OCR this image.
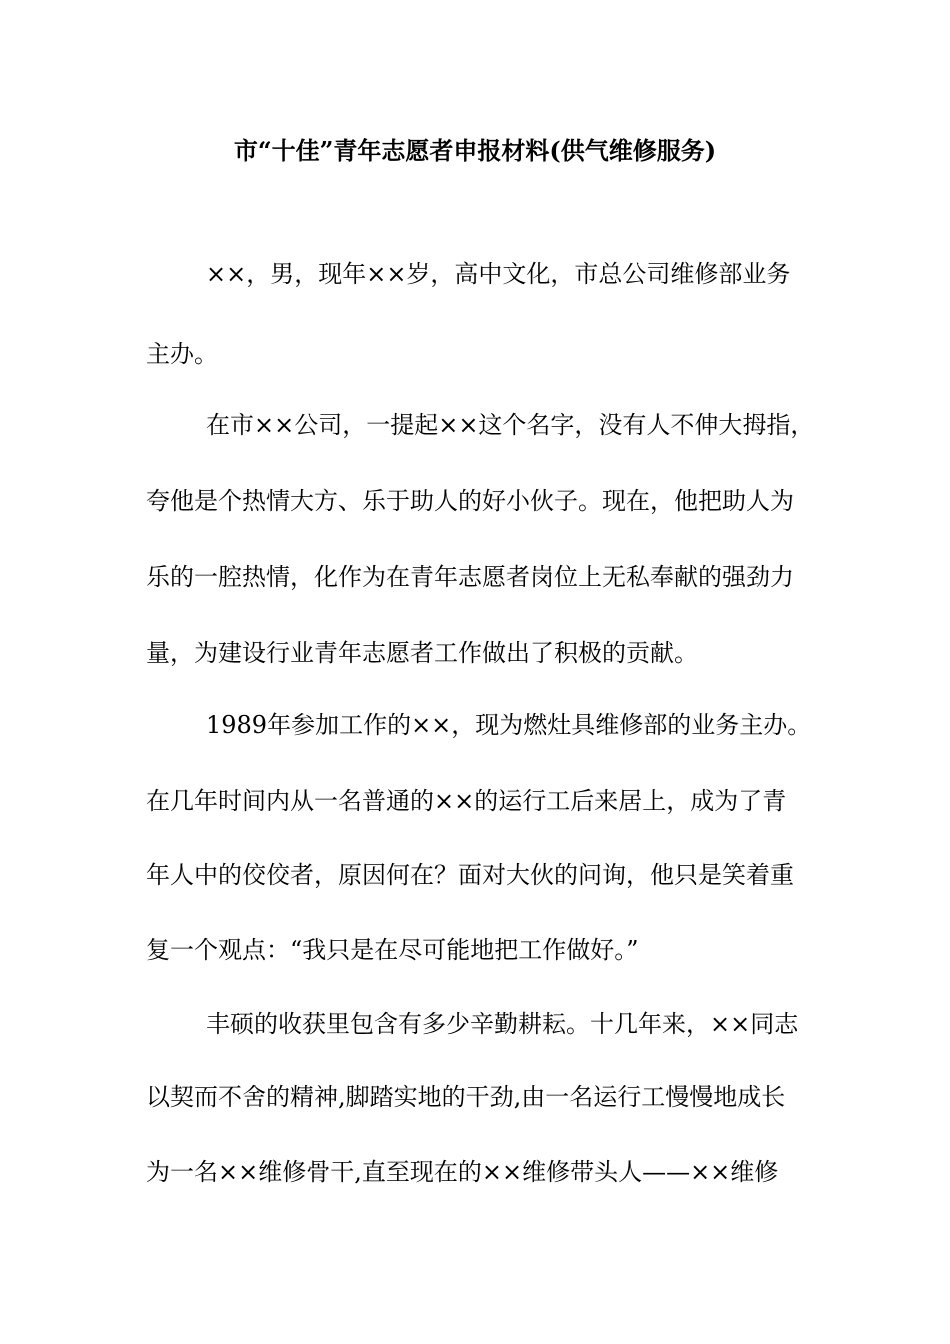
市“十佳”青年志愿者申报材料(供气维修服务)
××，男，现年××岁，高中文化，市总公司维修部业务
主办。
在市××公司，一提起××这个名字，没有人不伸大拇指，
夸他是个热情大方、乐于助人的好小伙子。现在，他把助人为
乐的一腔热情，化作为在青年志愿者岗位上无私奉献的强劲力
量，为建设行业青年志愿者工作做出了积极的贡献。
1989年参加工作的××，现为燃灶具维修部的业务主办。
在几年时间内从一名普通的××的运行工后来居上，成为了青
年人中的佼佼者，原因何在？面对大伙的问询，他只是笑着重
复一个观点：“我只是在尽可能地把工作做好。”
丰硕的收获里包含有多少辛勤耕耘。十几年来，××同志
以契而不舍的精神,脚踏实地的干劲,由一名运行工慢慢地成长
为一名××维修骨干,直至现在的××维修带头人——××维修
